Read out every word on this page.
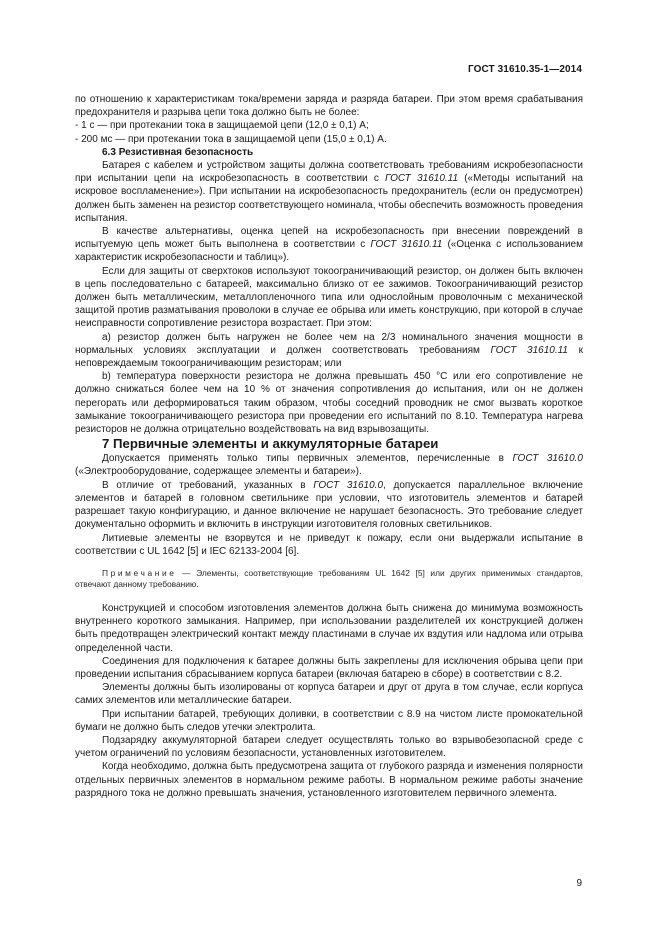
ГОСТ 31610.35-1—2014

по отношению к характеристикам тока/времени заряда и разряда батареи. При этом время срабатывания предохранителя и разрыва цепи тока должно быть не более:

- 1 с — при протекании тока в защищаемой цепи (12,0 ± 0,1) А;

- 200 мс — при протекании тока в защищаемой цепи (15,0 ± 0,1) А.

6.3 Резистивная безопасность

Батарея с кабелем и устройством защиты должна соответствовать требованиям искробезопасности при испытании цепи на искробезопасность в соответствии с ГОСТ 31610.11 («Методы испытаний на искровое воспламенение»). При испытании на искробезопасность предохранитель (если он предусмотрен) должен быть заменен на резистор соответствующего номинала, чтобы обеспечить возможность проведения испытания.

В качестве альтернативы, оценка цепей на искробезопасность при внесении повреждений в испытуемую цепь может быть выполнена в соответствии с ГОСТ 31610.11 («Оценка с использованием характеристик искробезопасности и таблиц»).

Если для защиты от сверхтоков используют токоограничивающий резистор, он должен быть включен в цепь последовательно с батареей, максимально близко от ее зажимов. Токоограничивающий резистор должен быть металлическим, металлопленочного типа или однослойным проволочным с механической защитой против разматывания проволоки в случае ее обрыва или иметь конструкцию, при которой в случае неисправности сопротивление резистора возрастает. При этом:

а) резистор должен быть нагружен не более чем на 2/3 номинального значения мощности в нормальных условиях эксплуатации и должен соответствовать требованиям ГОСТ 31610.11 к неповреждаемым токоограничивающим резисторам; или

b) температура поверхности резистора не должна превышать 450 °С или его сопротивление не должно снижаться более чем на 10 % от значения сопротивления до испытания, или он не должен перегорать или деформироваться таким образом, чтобы соседний проводник не смог вызвать короткое замыкание токоограничивающего резистора при проведении его испытаний по 8.10. Температура нагрева резисторов не должна отрицательно воздействовать на вид взрывозащиты.

7 Первичные элементы и аккумуляторные батареи

Допускается применять только типы первичных элементов, перечисленные в ГОСТ 31610.0 («Электрооборудование, содержащее элементы и батареи»).

В отличие от требований, указанных в ГОСТ 31610.0, допускается параллельное включение элементов и батарей в головном светильнике при условии, что изготовитель элементов и батарей разрешает такую конфигурацию, и данное включение не нарушает безопасность. Это требование следует документально оформить и включить в инструкции изготовителя головных светильников.

Литиевые элементы не взорвутся и не приведут к пожару, если они выдержали испытание в соответствии с UL 1642 [5] и IEC 62133-2004 [6].

Примечание — Элементы, соответствующие требованиям UL 1642 [5] или других применимых стандартов, отвечают данному требованию.

Конструкцией и способом изготовления элементов должна быть снижена до минимума возможность внутреннего короткого замыкания. Например, при использовании разделителей их конструкцией должен быть предотвращен электрический контакт между пластинами в случае их вздутия или надлома или отрыва определенной части.

Соединения для подключения к батарее должны быть закреплены для исключения обрыва цепи при проведении испытания сбрасыванием корпуса батареи (включая батарею в сборе) в соответствии с 8.2.

Элементы должны быть изолированы от корпуса батареи и друг от друга в том случае, если корпуса самих элементов или металлические батареи.

При испытании батарей, требующих доливки, в соответствии с 8.9 на чистом листе промокательной бумаги не должно быть следов утечки электролита.

Подзарядку аккумуляторной батареи следует осуществлять только во взрывобезопасной среде с учетом ограничений по условиям безопасности, установленных изготовителем.

Когда необходимо, должна быть предусмотрена защита от глубокого разряда и изменения полярности отдельных первичных элементов в нормальном режиме работы. В нормальном режиме работы значение разрядного тока не должно превышать значения, установленного изготовителем первичного элемента.

9
